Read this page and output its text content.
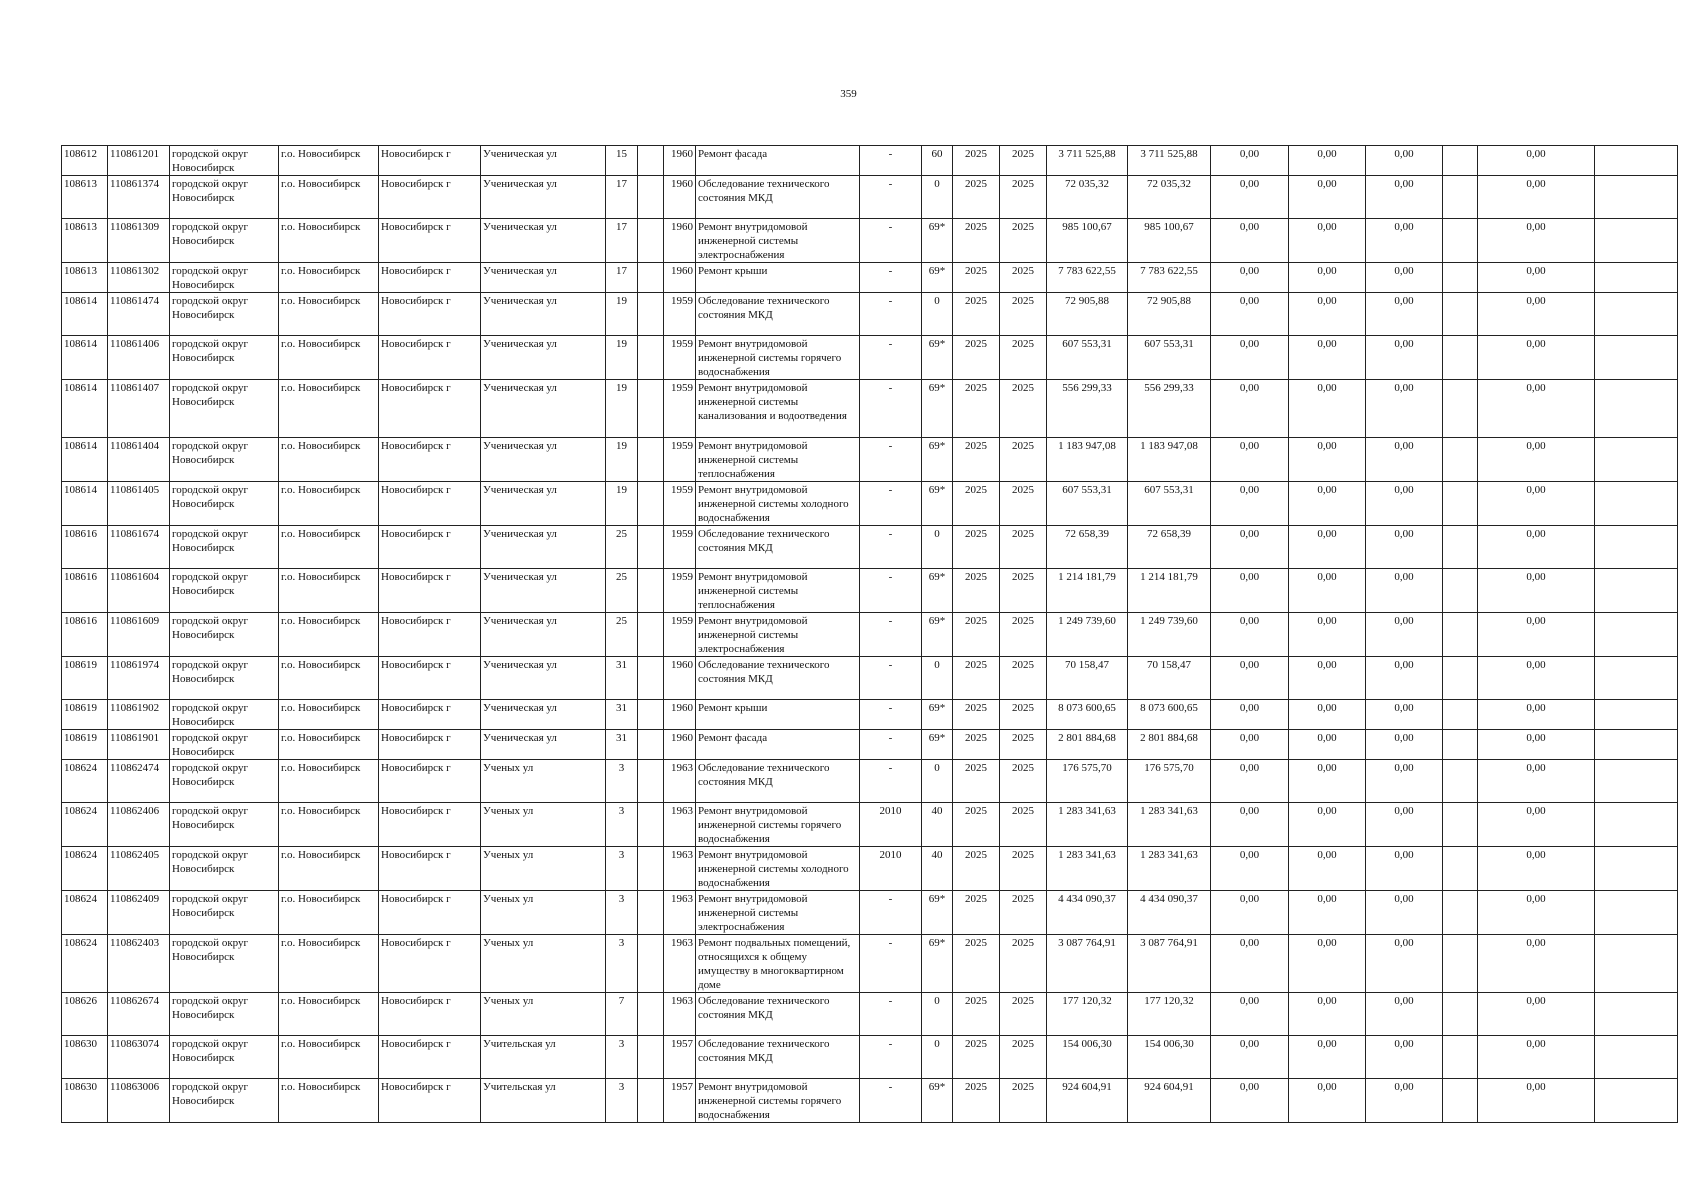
359
108612	110861201	городской округ Новосибирск	г.о. Новосибирск	Новосибирск г	Ученическая ул	15		1960	Ремонт фасада	-	60	2025	2025	3 711 525,88	3 711 525,88	0,00	0,00	0,00		0,00	
108613	110861374	городской округ Новосибирск	г.о. Новосибирск	Новосибирск г	Ученическая ул	17		1960	Обследование технического состояния МКД	-	0	2025	2025	72 035,32	72 035,32	0,00	0,00	0,00		0,00	
108613	110861309	городской округ Новосибирск	г.о. Новосибирск	Новосибирск г	Ученическая ул	17		1960	Ремонт внутридомовой инженерной системы электроснабжения	-	69*	2025	2025	985 100,67	985 100,67	0,00	0,00	0,00		0,00	
108613	110861302	городской округ Новосибирск	г.о. Новосибирск	Новосибирск г	Ученическая ул	17		1960	Ремонт крыши	-	69*	2025	2025	7 783 622,55	7 783 622,55	0,00	0,00	0,00		0,00	
108614	110861474	городской округ Новосибирск	г.о. Новосибирск	Новосибирск г	Ученическая ул	19		1959	Обследование технического состояния МКД	-	0	2025	2025	72 905,88	72 905,88	0,00	0,00	0,00		0,00	
108614	110861406	городской округ Новосибирск	г.о. Новосибирск	Новосибирск г	Ученическая ул	19		1959	Ремонт внутридомовой инженерной системы горячего водоснабжения	-	69*	2025	2025	607 553,31	607 553,31	0,00	0,00	0,00		0,00	
108614	110861407	городской округ Новосибирск	г.о. Новосибирск	Новосибирск г	Ученическая ул	19		1959	Ремонт внутридомовой инженерной системы канализования и водоотведения	-	69*	2025	2025	556 299,33	556 299,33	0,00	0,00	0,00		0,00	
108614	110861404	городской округ Новосибирск	г.о. Новосибирск	Новосибирск г	Ученическая ул	19		1959	Ремонт внутридомовой инженерной системы теплоснабжения	-	69*	2025	2025	1 183 947,08	1 183 947,08	0,00	0,00	0,00		0,00	
108614	110861405	городской округ Новосибирск	г.о. Новосибирск	Новосибирск г	Ученическая ул	19		1959	Ремонт внутридомовой инженерной системы холодного водоснабжения	-	69*	2025	2025	607 553,31	607 553,31	0,00	0,00	0,00		0,00	
108616	110861674	городской округ Новосибирск	г.о. Новосибирск	Новосибирск г	Ученическая ул	25		1959	Обследование технического состояния МКД	-	0	2025	2025	72 658,39	72 658,39	0,00	0,00	0,00		0,00	
108616	110861604	городской округ Новосибирск	г.о. Новосибирск	Новосибирск г	Ученическая ул	25		1959	Ремонт внутридомовой инженерной системы теплоснабжения	-	69*	2025	2025	1 214 181,79	1 214 181,79	0,00	0,00	0,00		0,00	
108616	110861609	городской округ Новосибирск	г.о. Новосибирск	Новосибирск г	Ученическая ул	25		1959	Ремонт внутридомовой инженерной системы электроснабжения	-	69*	2025	2025	1 249 739,60	1 249 739,60	0,00	0,00	0,00		0,00	
108619	110861974	городской округ Новосибирск	г.о. Новосибирск	Новосибирск г	Ученическая ул	31		1960	Обследование технического состояния МКД	-	0	2025	2025	70 158,47	70 158,47	0,00	0,00	0,00		0,00	
108619	110861902	городской округ Новосибирск	г.о. Новосибирск	Новосибирск г	Ученическая ул	31		1960	Ремонт крыши	-	69*	2025	2025	8 073 600,65	8 073 600,65	0,00	0,00	0,00		0,00	
108619	110861901	городской округ Новосибирск	г.о. Новосибирск	Новосибирск г	Ученическая ул	31		1960	Ремонт фасада	-	69*	2025	2025	2 801 884,68	2 801 884,68	0,00	0,00	0,00		0,00	
108624	110862474	городской округ Новосибирск	г.о. Новосибирск	Новосибирск г	Ученых ул	3		1963	Обследование технического состояния МКД	-	0	2025	2025	176 575,70	176 575,70	0,00	0,00	0,00		0,00	
108624	110862406	городской округ Новосибирск	г.о. Новосибирск	Новосибирск г	Ученых ул	3		1963	Ремонт внутридомовой инженерной системы горячего водоснабжения	2010	40	2025	2025	1 283 341,63	1 283 341,63	0,00	0,00	0,00		0,00	
108624	110862405	городской округ Новосибирск	г.о. Новосибирск	Новосибирск г	Ученых ул	3		1963	Ремонт внутридомовой инженерной системы холодного водоснабжения	2010	40	2025	2025	1 283 341,63	1 283 341,63	0,00	0,00	0,00		0,00	
108624	110862409	городской округ Новосибирск	г.о. Новосибирск	Новосибирск г	Ученых ул	3		1963	Ремонт внутридомовой инженерной системы электроснабжения	-	69*	2025	2025	4 434 090,37	4 434 090,37	0,00	0,00	0,00		0,00	
108624	110862403	городской округ Новосибирск	г.о. Новосибирск	Новосибирск г	Ученых ул	3		1963	Ремонт подвальных помещений, относящихся к общему имуществу в многоквартирном доме	-	69*	2025	2025	3 087 764,91	3 087 764,91	0,00	0,00	0,00		0,00	
108626	110862674	городской округ Новосибирск	г.о. Новосибирск	Новосибирск г	Ученых ул	7		1963	Обследование технического состояния МКД	-	0	2025	2025	177 120,32	177 120,32	0,00	0,00	0,00		0,00	
108630	110863074	городской округ Новосибирск	г.о. Новосибирск	Новосибирск г	Учительская ул	3		1957	Обследование технического состояния МКД	-	0	2025	2025	154 006,30	154 006,30	0,00	0,00	0,00		0,00	
108630	110863006	городской округ Новосибирск	г.о. Новосибирск	Новосибирск г	Учительская ул	3		1957	Ремонт внутридомовой инженерной системы горячего водоснабжения	-	69*	2025	2025	924 604,91	924 604,91	0,00	0,00	0,00		0,00	
